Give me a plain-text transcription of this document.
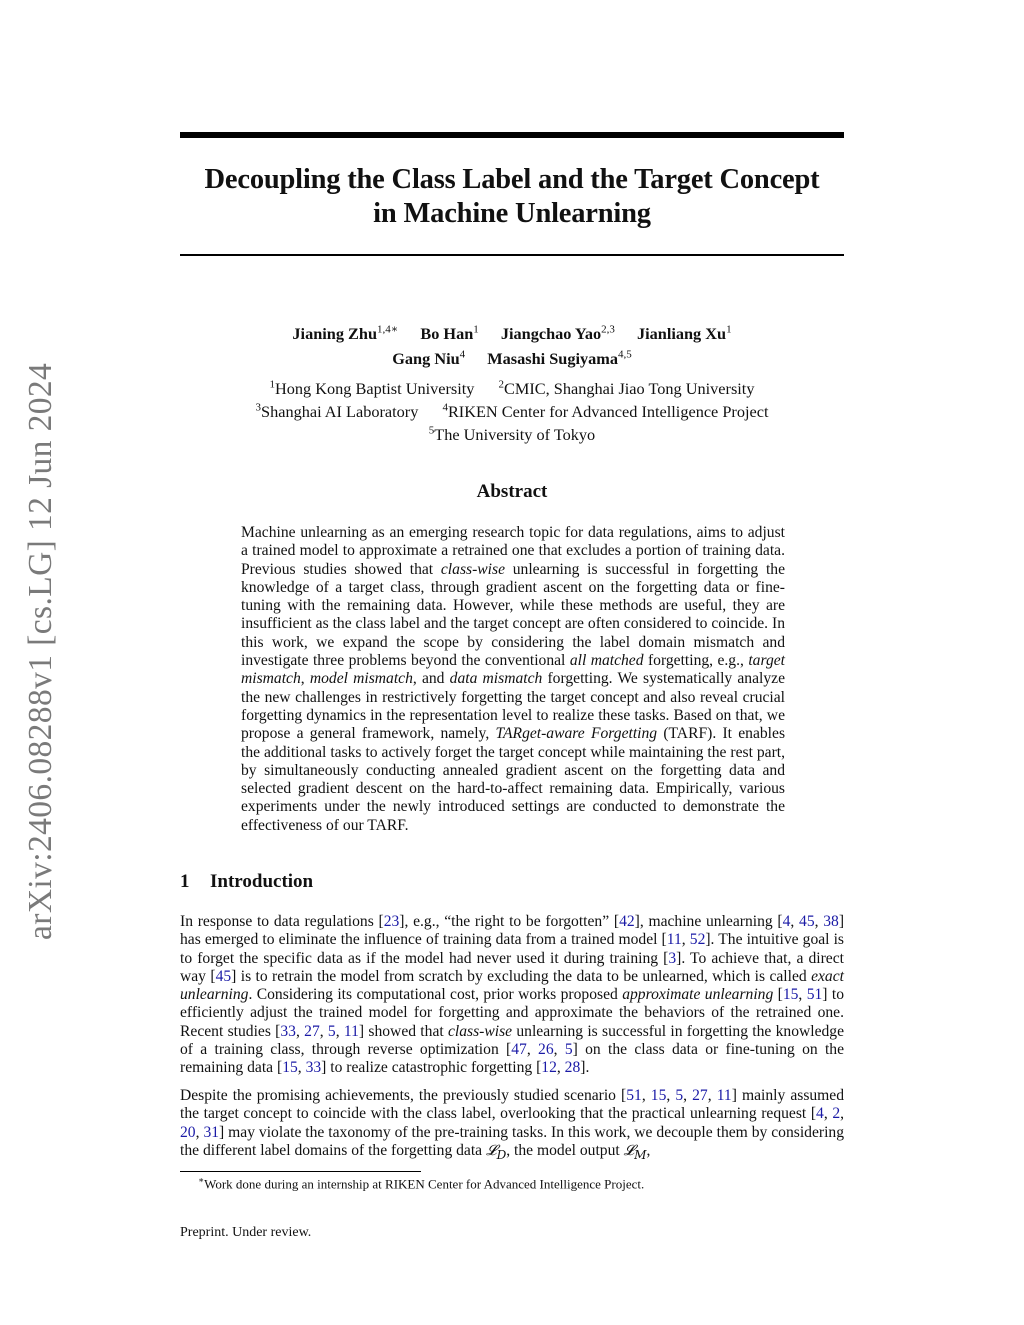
arXiv:2406.08288v1 [cs.LG] 12 Jun 2024
Decoupling the Class Label and the Target Concept
in Machine Unlearning
Jianing Zhu$^{1,4∗}$ Bo Han$^1$ Jiangchao Yao$^{2,3}$ Jianliang Xu$^1$
Gang Niu$^4$ Masashi Sugiyama$^{4,5}$
$^1$Hong Kong Baptist University $^2$CMIC, Shanghai Jiao Tong University
$^3$Shanghai AI Laboratory $^4$RIKEN Center for Advanced Intelligence Project
$^5$The University of Tokyo
Abstract

Machine unlearning as an emerging research topic for data regulations, aims to adjust a trained model to approximate a retrained one that excludes a portion of training data. Previous studies showed that class-wise unlearning is successful in forgetting the knowledge of a target class, through gradient ascent on the forgetting data or fine-tuning with the remaining data. However, while these methods are useful, they are insufficient as the class label and the target concept are often considered to coincide. In this work, we expand the scope by considering the label domain mismatch and investigate three problems beyond the conventional all matched forgetting, e.g., target mismatch, model mismatch, and data mismatch forgetting. We systematically analyze the new challenges in restrictively forgetting the target concept and also reveal crucial forgetting dynamics in the representation level to realize these tasks. Based on that, we propose a general framework, namely, TARget-aware Forgetting (TARF). It enables the additional tasks to actively forget the target concept while maintaining the rest part, by simultaneously conducting annealed gradient ascent on the forgetting data and selected gradient descent on the hard-to-affect remaining data. Empirically, various experiments under the newly introduced settings are conducted to demonstrate the effectiveness of our TARF.

1 Introduction

In response to data regulations [23], e.g., “the right to be forgotten” [42], machine unlearning [4, 45, 38] has emerged to eliminate the influence of training data from a trained model [11, 52]. The intuitive goal is to forget the specific data as if the model had never used it during training [3]. To achieve that, a direct way [45] is to retrain the model from scratch by excluding the data to be unlearned, which is called exact unlearning. Considering its computational cost, prior works proposed approximate unlearning [15, 51] to efficiently adjust the trained model for forgetting and approximate the behaviors of the retrained one. Recent studies [33, 27, 5, 11] showed that class-wise unlearning is successful in forgetting the knowledge of a training class, through reverse optimization [47, 26, 5] on the class data or fine-tuning on the remaining data [15, 33] to realize catastrophic forgetting [12, 28].

Despite the promising achievements, the previously studied scenario [51, 15, 5, 27, 11] mainly assumed the target concept to coincide with the class label, overlooking that the practical unlearning request [4, 2, 20, 31] may violate the taxonomy of the pre-training tasks. In this work, we decouple them by considering the different label domains of the forgetting data 𝓛$_D$, the model output 𝓛$_M$,

∗Work done during an internship at RIKEN Center for Advanced Intelligence Project.
Preprint. Under review.
